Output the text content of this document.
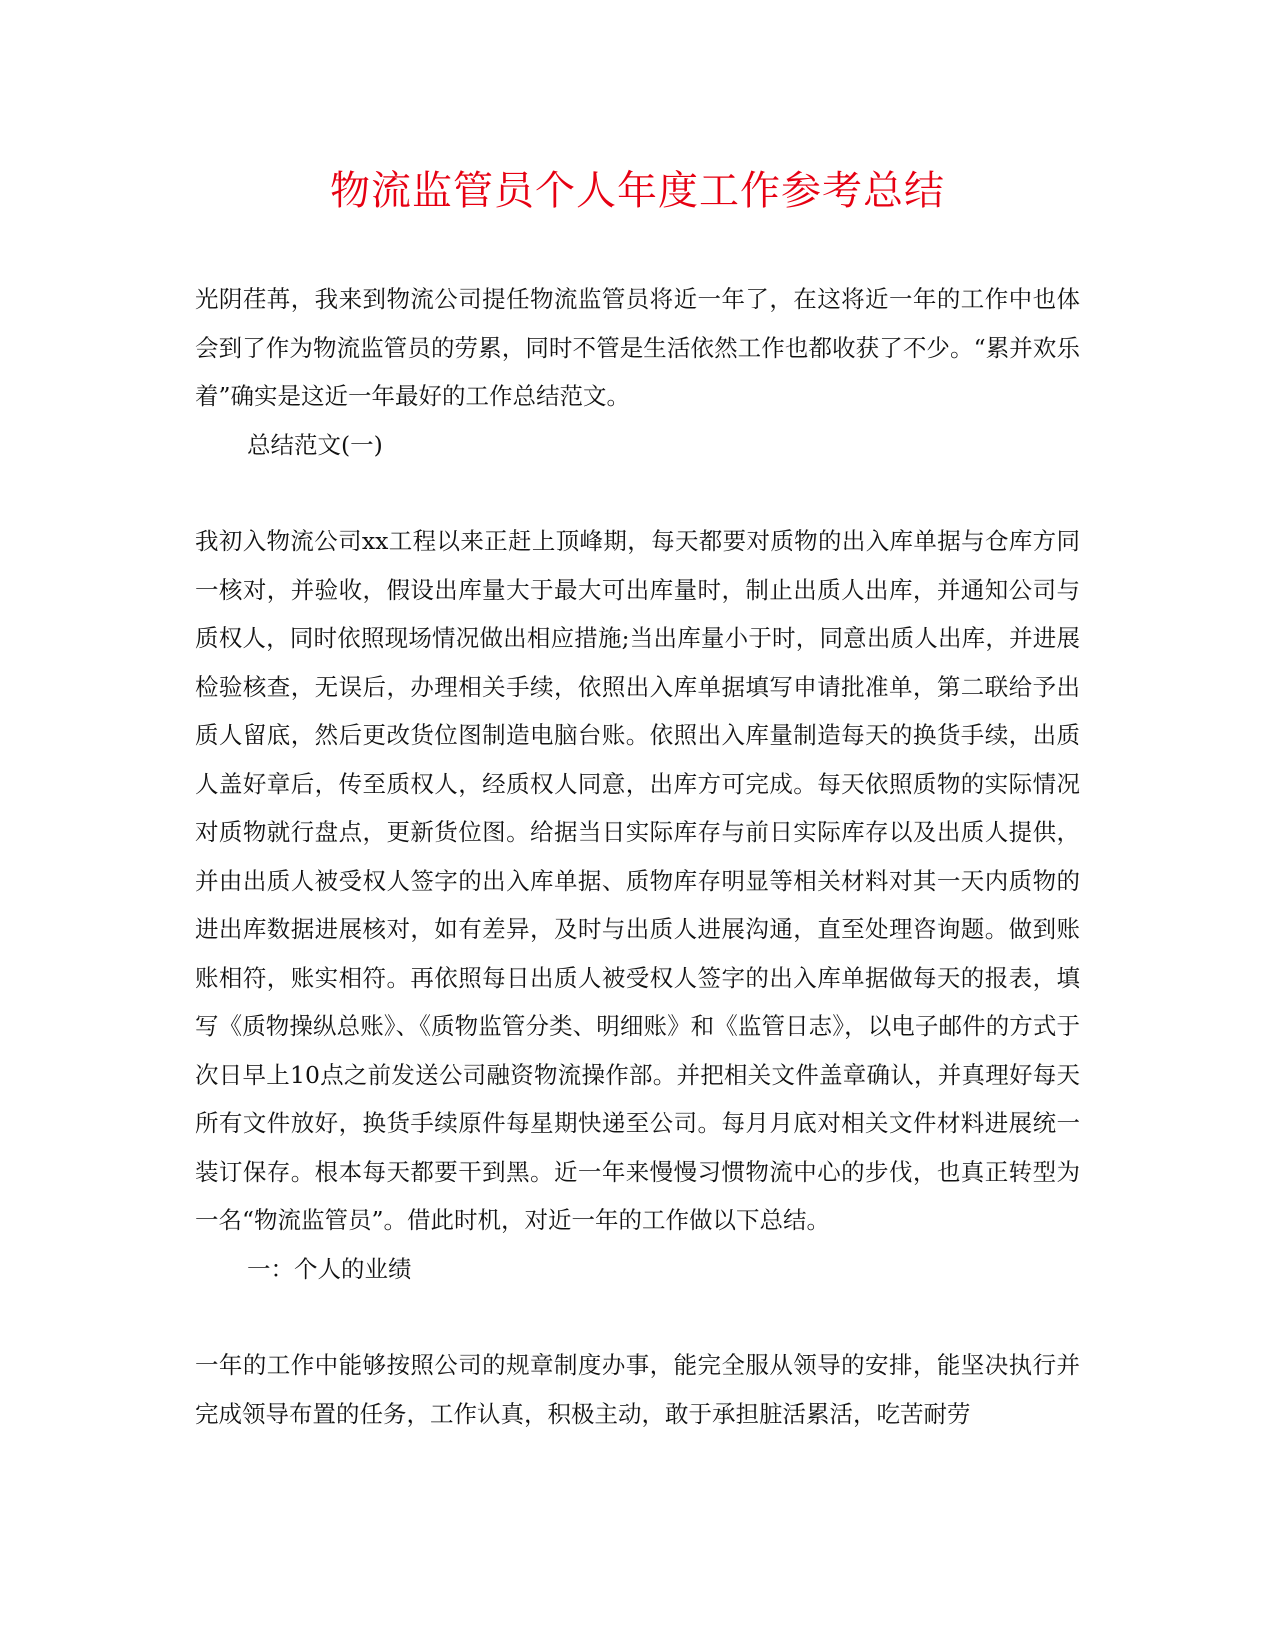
物流监管员个人年度工作参考总结

光阴荏苒，我来到物流公司提任物流监管员将近一年了，在这将近一年的工作中也体会到了作为物流监管员的劳累，同时不管是生活依然工作也都收获了不少。“累并欢乐着”确实是这近一年最好的工作总结范文。

总结范文(一)

我初入物流公司xx工程以来正赶上顶峰期，每天都要对质物的出入库单据与仓库方同一核对，并验收，假设出库量大于最大可出库量时，制止出质人出库，并通知公司与质权人，同时依照现场情况做出相应措施;当出库量小于时，同意出质人出库，并进展检验核查，无误后，办理相关手续，依照出入库单据填写申请批准单，第二联给予出质人留底，然后更改货位图制造电脑台账。依照出入库量制造每天的换货手续，出质人盖好章后，传至质权人，经质权人同意，出库方可完成。每天依照质物的实际情况对质物就行盘点，更新货位图。给据当日实际库存与前日实际库存以及出质人提供，并由出质人被受权人签字的出入库单据、质物库存明显等相关材料对其一天内质物的进出库数据进展核对，如有差异，及时与出质人进展沟通，直至处理咨询题。做到账账相符，账实相符。再依照每日出质人被受权人签字的出入库单据做每天的报表，填写《质物操纵总账》、《质物监管分类、明细账》和《监管日志》，以电子邮件的方式于次日早上10点之前发送公司融资物流操作部。并把相关文件盖章确认，并真理好每天所有文件放好，换货手续原件每星期快递至公司。每月月底对相关文件材料进展统一装订保存。根本每天都要干到黑。近一年来慢慢习惯物流中心的步伐，也真正转型为一名“物流监管员”。借此时机，对近一年的工作做以下总结。

一：个人的业绩

一年的工作中能够按照公司的规章制度办事，能完全服从领导的安排，能坚决执行并完成领导布置的任务，工作认真，积极主动，敢于承担脏活累活，吃苦耐劳
